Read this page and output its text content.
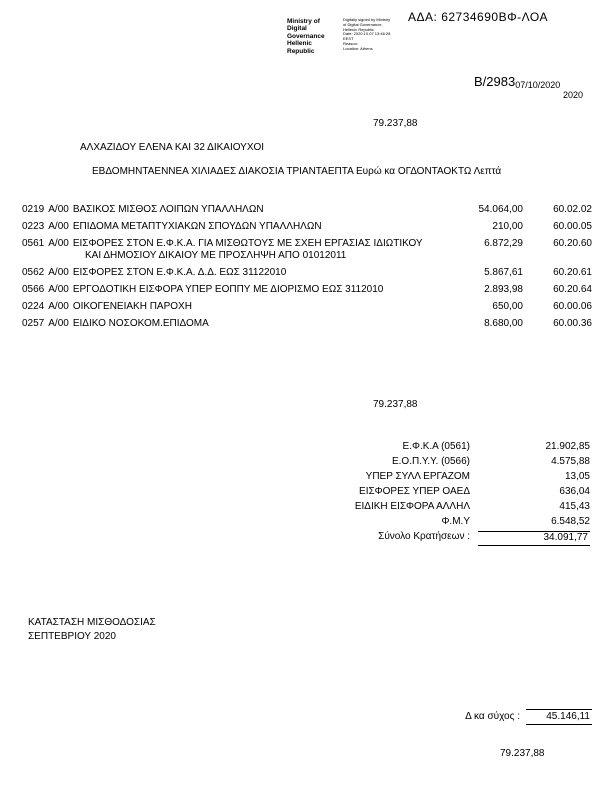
ΑΔΑ: 62734690ΒΦ-ΛΟΑ
Ministry of Digital
Governance
Hellenic Republic
Digitally signed by Ministry
of Digital Governance,
Hellenic Republic
Date: 2020.10.07 13:46:28
EEST
Reason:
Location: Athens
Β/298307/10/2020
2020
79.237,88
ΑΛΧΑΖΙΔΟΥ ΕΛΕΝΑ ΚΑΙ 32 ΔΙΚΑΙΟΥΧΟΙ
ΕΒΔΟΜΗΝΤΑΕΝΝΕΑ ΧΙΛΙΑΔΕΣ ΔΙΑΚΟΣΙΑ ΤΡΙΑΝΤΑΕΠΤΑ Ευρώ κα ΟΓΔΟΝΤΑΟΚΤΩ Λεπτά
0219 Α/00 ΒΑΣΙΚΟΣ ΜΙΣΘΟΣ ΛΟΙΠΩΝ ΥΠΑΛΛΗΛΩΝ	54.064,00	60.02.02
0223 Α/00 ΕΠΙΔΟΜΑ ΜΕΤΑΠΤΥΧΙΑΚΩΝ ΣΠΟΥΔΩΝ ΥΠΑΛΛΗΛΩΝ	210,00	60.00.05
0561 Α/00 ΕΙΣΦΟΡΕΣ ΣΤΟΝ Ε.Φ.Κ.Α. ΓΙΑ ΜΙΣΘΩΤΟΥΣ ΜΕ ΣΧΕΗ ΕΡΓΑΣΙΑΣ ΙΔΙΩΤΙΚΟΥ
ΚΑΙ ΔΗΜΟΣΙΟΥ ΔΙΚΑΙΟΥ ΜΕ ΠΡΟΣΛΗΨΗ ΑΠΟ 01012011
6.872,29	60.20.60
0562 Α/00 ΕΙΣΦΟΡΕΣ ΣΤΟΝ Ε.Φ.Κ.Α. Δ.Δ. ΕΩΣ 31122010	5.867,61	60.20.61
0566 Α/00 ΕΡΓΟΔΟΤΙΚΗ ΕΙΣΦΟΡΑ ΥΠΕΡ ΕΟΠΠΥ ΜΕ ΔΙΟΡΙΣΜΟ ΕΩΣ 3112010	2.893,98	60.20.64
0224 Α/00 ΟΙΚΟΓΕΝΕΙΑΚΗ ΠΑΡΟΧΗ	650,00	60.00.06
0257 Α/00 ΕΙΔΙΚΟ ΝΟΣΟΚΟΜ.ΕΠΙΔΟΜΑ	8.680,00	60.00.36
79.237,88
Ε.Φ.Κ.Α (0561)	21.902,85
Ε.Ο.Π.Υ.Υ. (0566)	4.575,88
ΥΠΕΡ ΣΥΛΛ ΕΡΓΑΖΟΜ	13,05
ΕΙΣΦΟΡΕΣ ΥΠΕΡ ΟΑΕΔ	636,04
ΕΙΔΙΚΗ ΕΙΣΦΟΡΑ ΑΛΛΗΛ	415,43
Φ.Μ.Υ	6.548,52
Σύνολο Κρατήσεων :	34.091,77
ΚΑΤΑΣΤΑΣΗ ΜΙΣΘΟΔΟΣΙΑΣ
ΣΕΠΤΕΒΡΙΟΥ 2020
Δ κα σύχος :	45.146,11
79.237,88
